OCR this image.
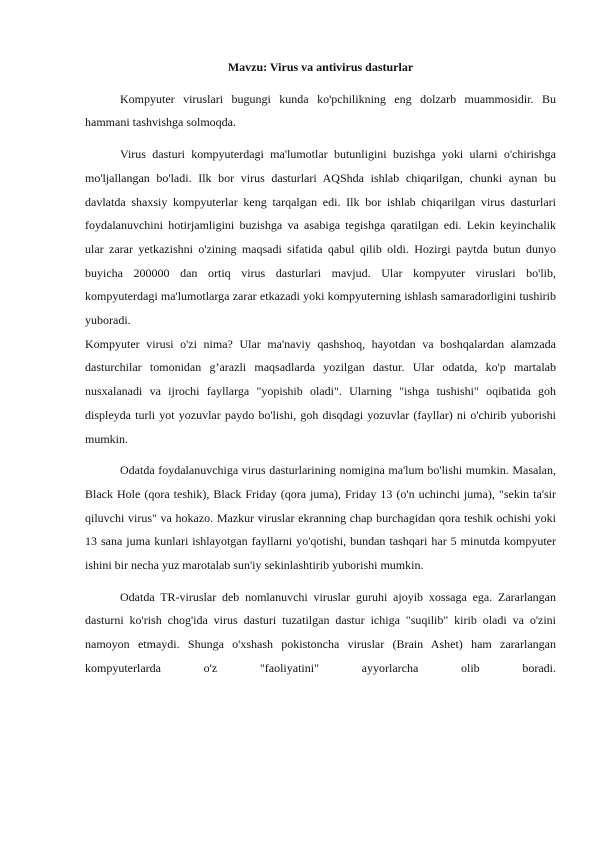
Mavzu: Virus va antivirus dasturlar

Kompyuter viruslari bugungi kunda ko'pchilikning eng dolzarb muammosidir. Bu hammani tashvishga solmoqda.

Virus dasturi kompyuterdagi ma'lumotlar butunligini buzishga yoki ularni o'chirishga mo'ljallangan bo'ladi. Ilk bor virus dasturlari AQShda ishlab chiqarilgan, chunki aynan bu davlatda shaxsiy kompyuterlar keng tarqalgan edi. Ilk bor ishlab chiqarilgan virus dasturlari foydalanuvchini hotirjamligini buzishga va asabiga tegishga qaratilgan edi. Lekin keyinchalik ular zarar yetkazishni o'zining maqsadi sifatida qabul qilib oldi. Hozirgi paytda butun dunyo buyicha 200000 dan ortiq virus dasturlari mavjud. Ular kompyuter viruslari bo'lib, kompyuterdagi ma'lumotlarga zarar etkazadi yoki kompyuterning ishlash samaradorligini tushirib yuboradi.

Kompyuter virusi o'zi nima? Ular ma'naviy qashshoq, hayotdan va boshqalardan alamzada dasturchilar tomonidan g’arazli maqsadlarda yozilgan dastur. Ular odatda, ko'p martalab nusxalanadi va ijrochi fayllarga "yopishib oladi". Ularning "ishga tushishi" oqibatida goh displeyda turli yot yozuvlar paydo bo'lishi, goh disqdagi yozuvlar (fayllar) ni o'chirib yuborishi mumkin.

Odatda foydalanuvchiga virus dasturlarining nomigina ma'lum bo'lishi mumkin. Masalan, Black Hole (qora teshik), Black Friday (qora juma), Friday 13 (o'n uchinchi juma), "sekin ta'sir qiluvchi virus" va hokazo. Mazkur viruslar ekranning chap burchagidan qora teshik ochishi yoki 13 sana juma kunlari ishlayotgan fayllarni yo'qotishi, bundan tashqari har 5 minutda kompyuter ishini bir necha yuz marotalab sun'iy sekinlashtirib yuborishi mumkin.

Odatda TR-viruslar deb nomlanuvchi viruslar guruhi ajoyib xossaga ega. Zararlangan dasturni ko'rish chog'ida virus dasturi tuzatilgan dastur ichiga "suqilib" kirib oladi va o'zini namoyon etmaydi. Shunga o'xshash pokistoncha viruslar (Brain Ashet) ham zararlangan kompyuterlarda o'z "faoliyatini" ayyorlarcha olib boradi.
